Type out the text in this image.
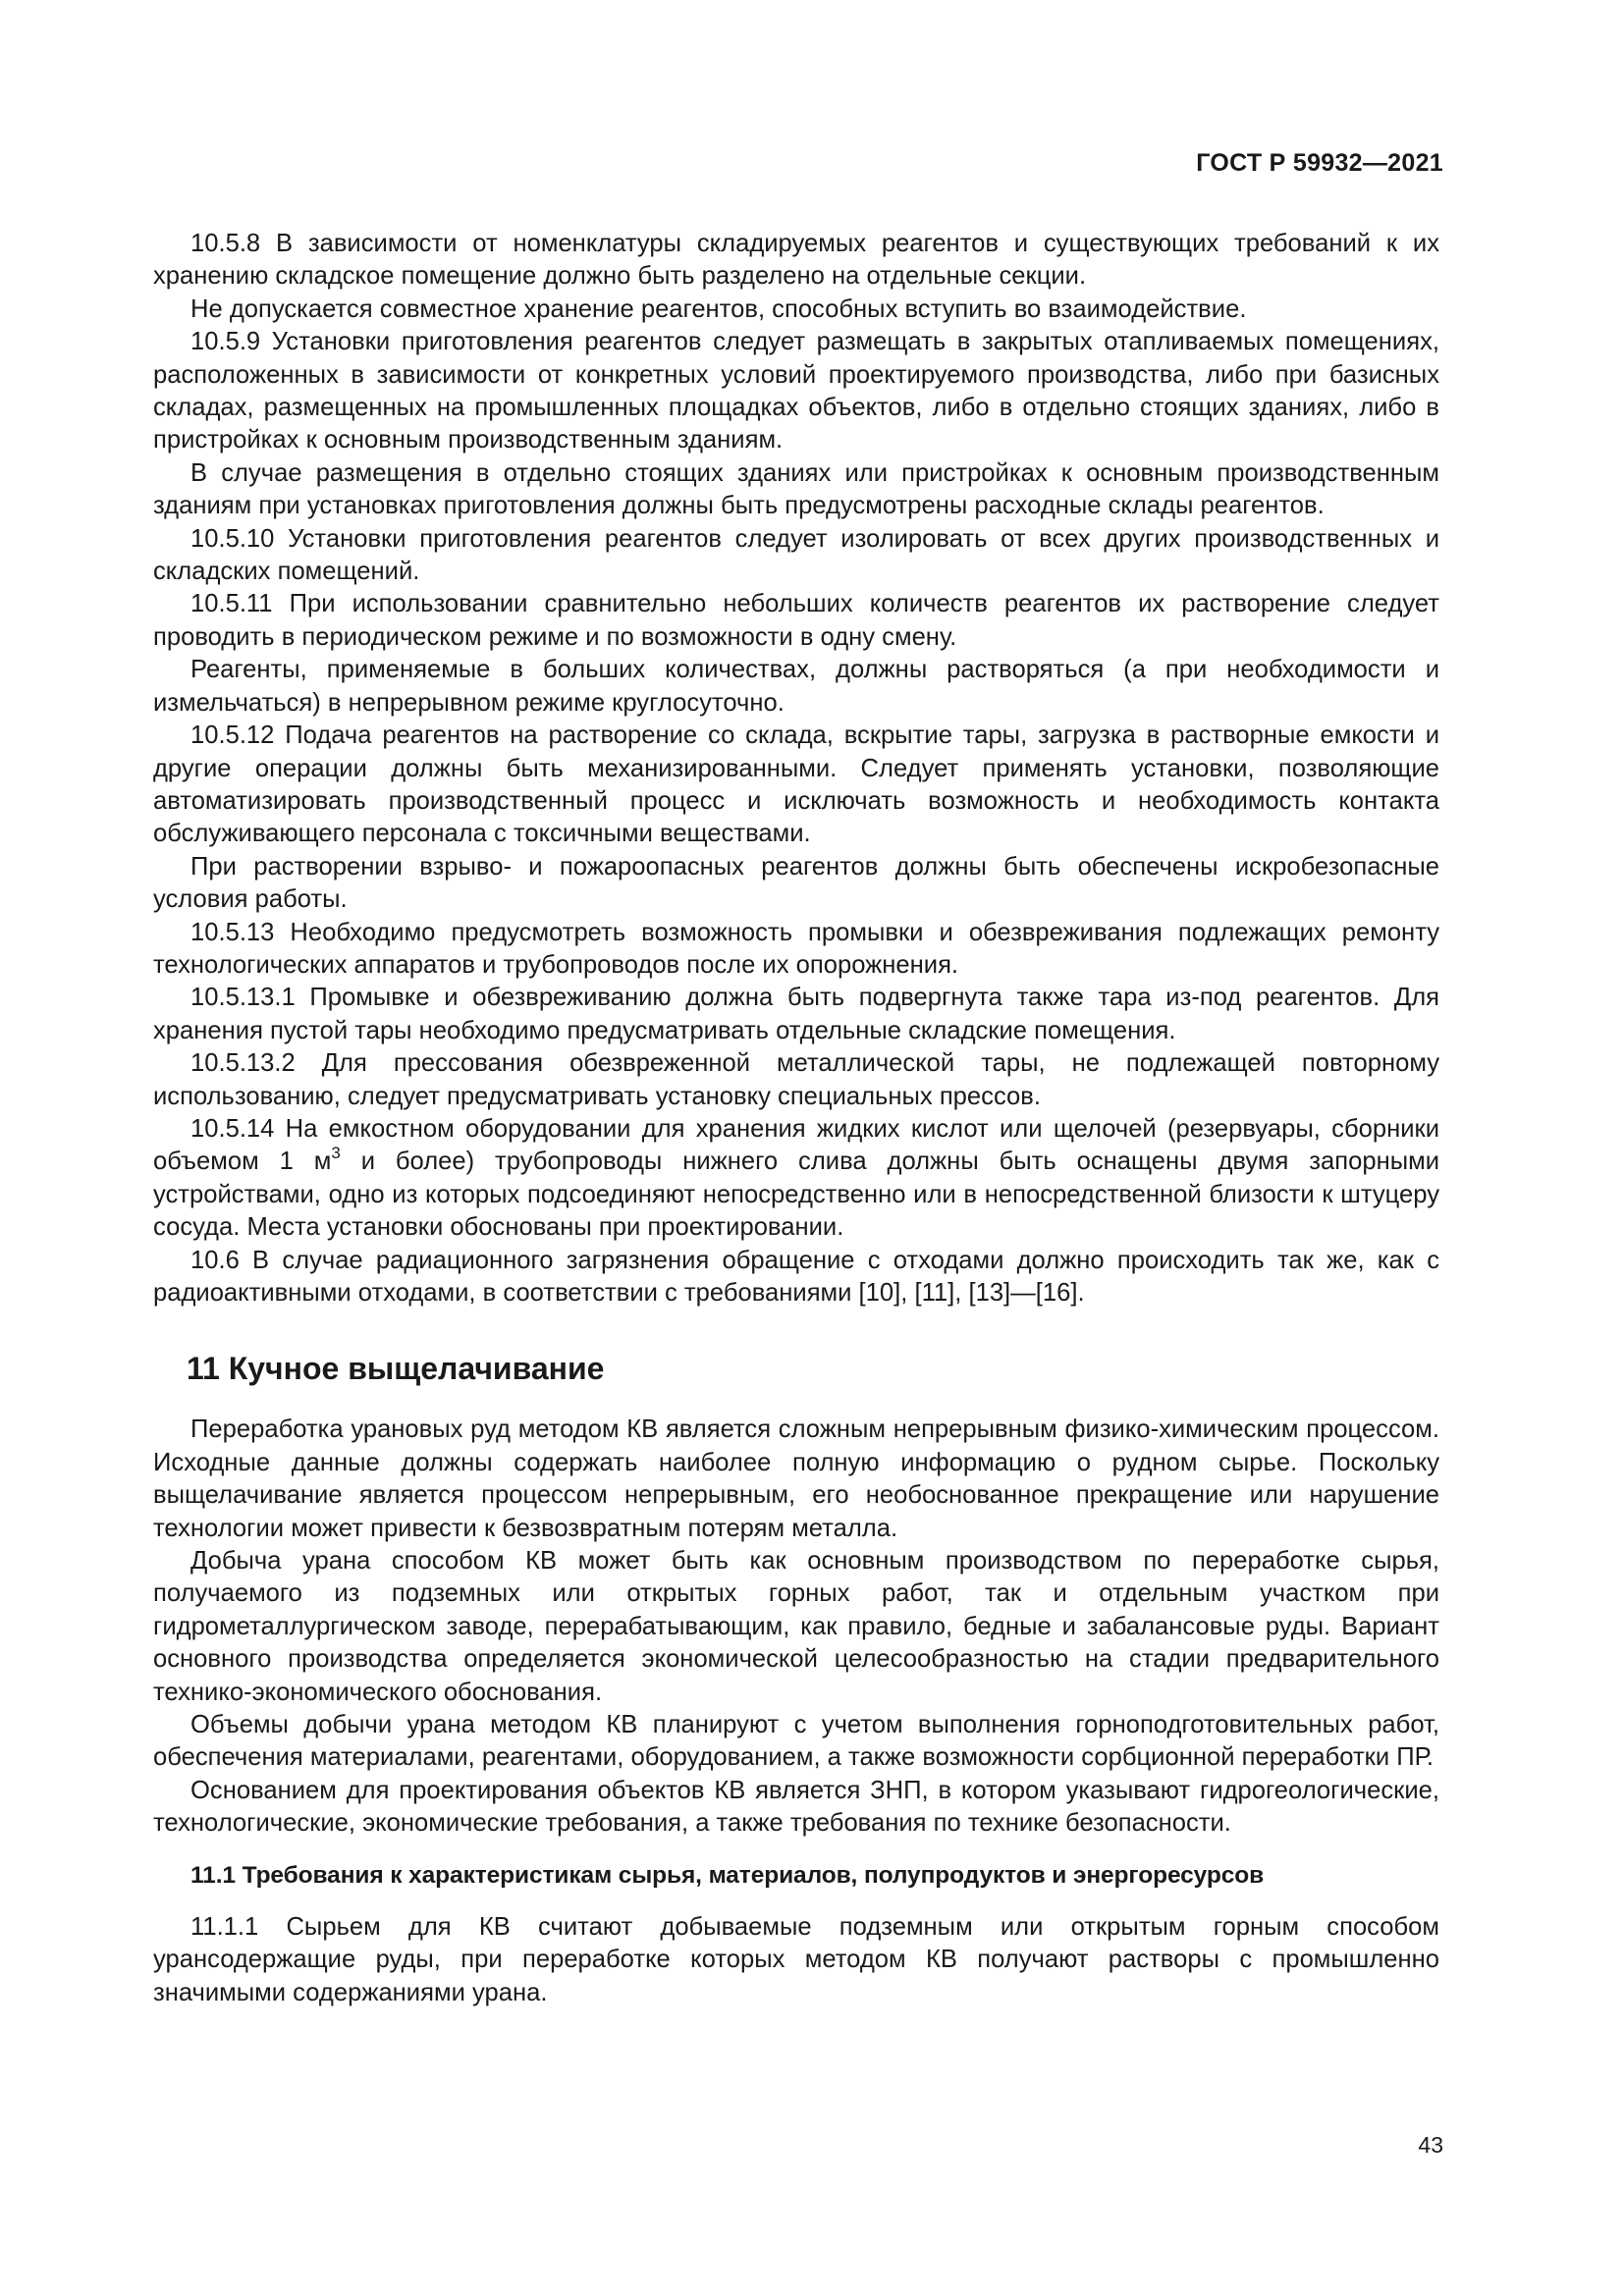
ГОСТ Р 59932—2021

10.5.8 В зависимости от номенклатуры складируемых реагентов и существующих требований к их хранению складское помещение должно быть разделено на отдельные секции.

Не допускается совместное хранение реагентов, способных вступить во взаимодействие.

10.5.9 Установки приготовления реагентов следует размещать в закрытых отапливаемых помещениях, расположенных в зависимости от конкретных условий проектируемого производства, либо при базисных складах, размещенных на промышленных площадках объектов, либо в отдельно стоящих зданиях, либо в пристройках к основным производственным зданиям.

В случае размещения в отдельно стоящих зданиях или пристройках к основным производственным зданиям при установках приготовления должны быть предусмотрены расходные склады реагентов.

10.5.10 Установки приготовления реагентов следует изолировать от всех других производственных и складских помещений.

10.5.11 При использовании сравнительно небольших количеств реагентов их растворение следует проводить в периодическом режиме и по возможности в одну смену.

Реагенты, применяемые в больших количествах, должны растворяться (а при необходимости и измельчаться) в непрерывном режиме круглосуточно.

10.5.12 Подача реагентов на растворение со склада, вскрытие тары, загрузка в растворные емкости и другие операции должны быть механизированными. Следует применять установки, позволяющие автоматизировать производственный процесс и исключать возможность и необходимость контакта обслуживающего персонала с токсичными веществами.

При растворении взрыво- и пожароопасных реагентов должны быть обеспечены искробезопасные условия работы.

10.5.13 Необходимо предусмотреть возможность промывки и обезвреживания подлежащих ремонту технологических аппаратов и трубопроводов после их опорожнения.

10.5.13.1 Промывке и обезвреживанию должна быть подвергнута также тара из-под реагентов. Для хранения пустой тары необходимо предусматривать отдельные складские помещения.

10.5.13.2 Для прессования обезвреженной металлической тары, не подлежащей повторному использованию, следует предусматривать установку специальных прессов.

10.5.14 На емкостном оборудовании для хранения жидких кислот или щелочей (резервуары, сборники объемом 1 $м^3$ и более) трубопроводы нижнего слива должны быть оснащены двумя запорными устройствами, одно из которых подсоединяют непосредственно или в непосредственной близости к штуцеру сосуда. Места установки обоснованы при проектировании.

10.6 В случае радиационного загрязнения обращение с отходами должно происходить так же, как с радиоактивными отходами, в соответствии с требованиями [10], [11], [13]—[16].

11 Кучное выщелачивание

Переработка урановых руд методом КВ является сложным непрерывным физико-химическим процессом. Исходные данные должны содержать наиболее полную информацию о рудном сырье. Поскольку выщелачивание является процессом непрерывным, его необоснованное прекращение или нарушение технологии может привести к безвозвратным потерям металла.

Добыча урана способом КВ может быть как основным производством по переработке сырья, получаемого из подземных или открытых горных работ, так и отдельным участком при гидрометаллургическом заводе, перерабатывающим, как правило, бедные и забалансовые руды. Вариант основного производства определяется экономической целесообразностью на стадии предварительного технико-экономического обоснования.

Объемы добычи урана методом КВ планируют с учетом выполнения горноподготовительных работ, обеспечения материалами, реагентами, оборудованием, а также возможности сорбционной переработки ПР.

Основанием для проектирования объектов КВ является ЗНП, в котором указывают гидрогеологические, технологические, экономические требования, а также требования по технике безопасности.

11.1 Требования к характеристикам сырья, материалов, полупродуктов и энергоресурсов

11.1.1 Сырьем для КВ считают добываемые подземным или открытым горным способом урансодержащие руды, при переработке которых методом КВ получают растворы с промышленно значимыми содержаниями урана.

43
